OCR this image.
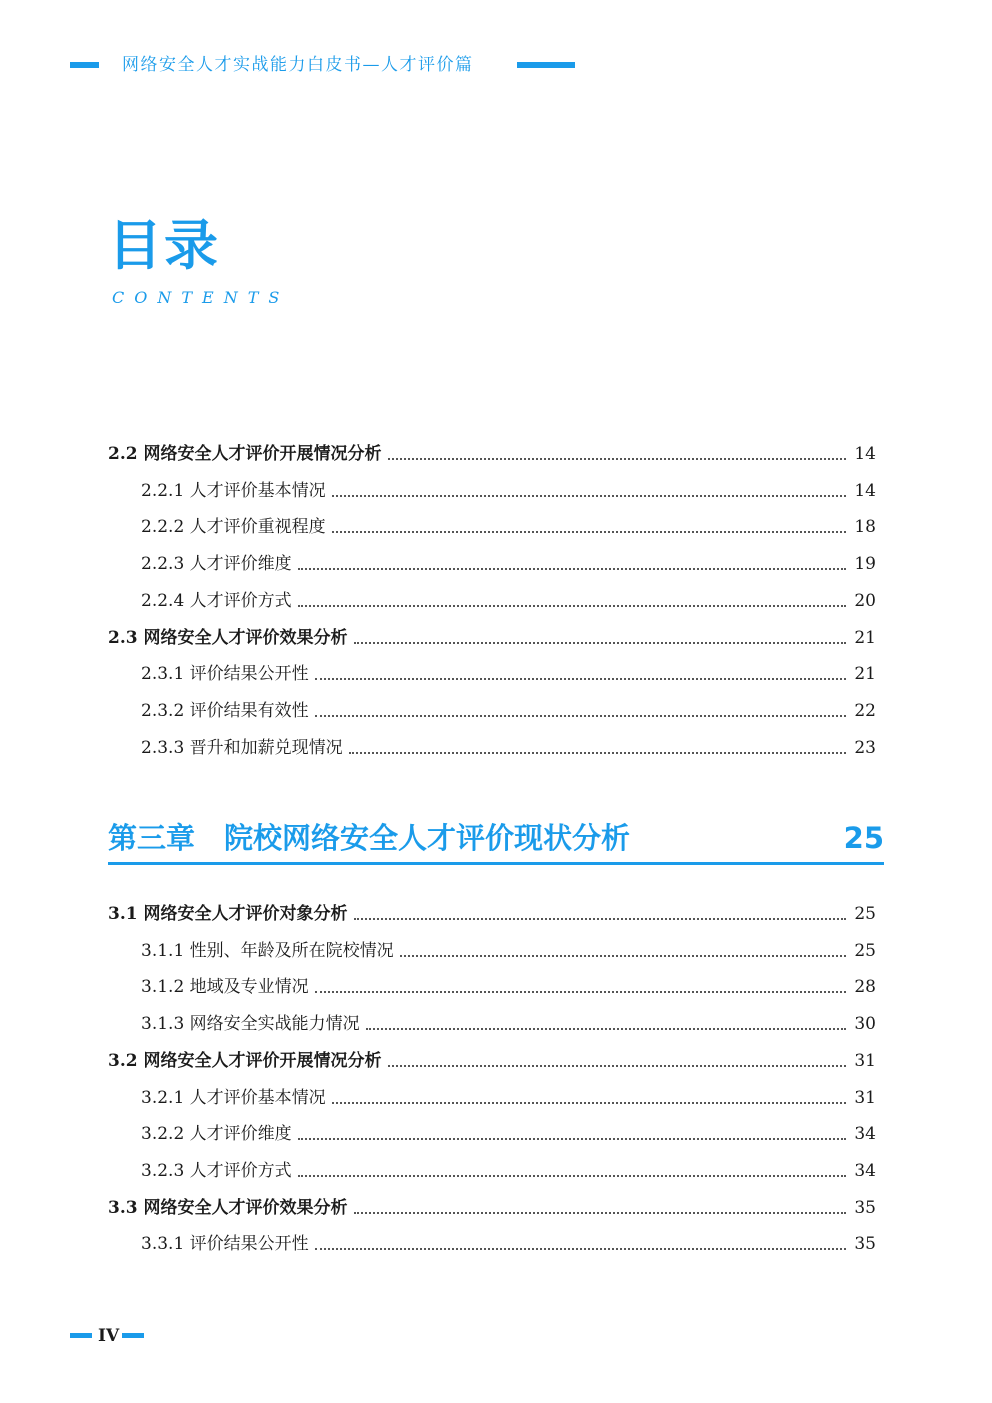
网络安全人才实战能力白皮书—人才评价篇
目录
CONTENTS
2.2 网络安全人才评价开展情况分析	14
2.2.1 人才评价基本情况	14
2.2.2 人才评价重视程度	18
2.2.3 人才评价维度	19
2.2.4 人才评价方式	20
2.3 网络安全人才评价效果分析	21
2.3.1 评价结果公开性	21
2.3.2 评价结果有效性	22
2.3.3 晋升和加薪兑现情况	23
第三章　院校网络安全人才评价现状分析	25
3.1 网络安全人才评价对象分析	25
3.1.1 性别、年龄及所在院校情况	25
3.1.2 地域及专业情况	28
3.1.3 网络安全实战能力情况	30
3.2 网络安全人才评价开展情况分析	31
3.2.1 人才评价基本情况	31
3.2.2 人才评价维度	34
3.2.3 人才评价方式	34
3.3 网络安全人才评价效果分析	35
3.3.1 评价结果公开性	35
IV
